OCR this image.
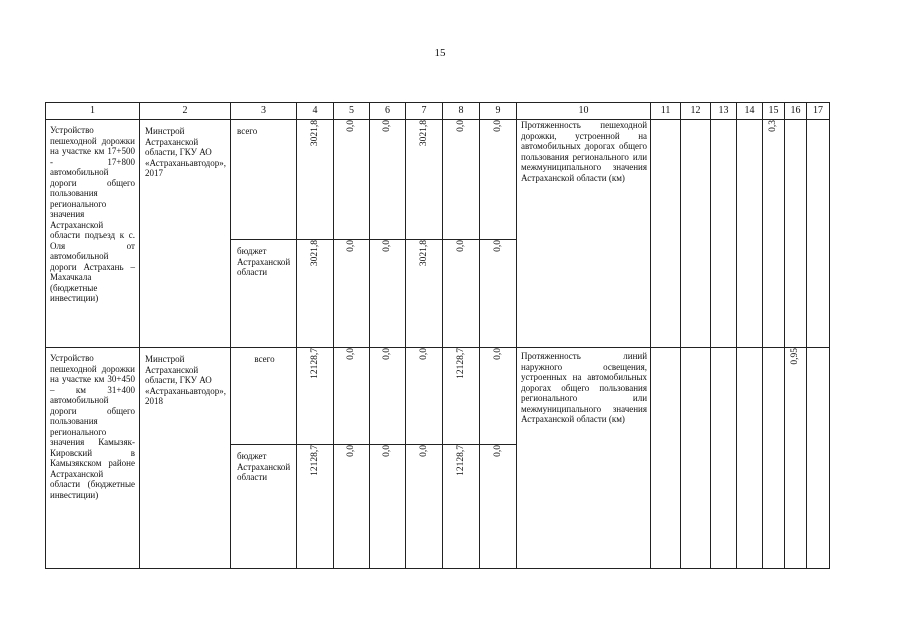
15
1	2	3	4	5	6	7	8	9	10	11	12	13	14	15	16	17

Устройство пешеходной дорожки на участке км 17+500 - 17+800 автомобильной дороги общего пользования регионального значения Астраханской области подъезд к с. Оля от автомобильной дороги Астрахань – Махачкала (бюджетные инвестиции)	Минстрой Астраханской области, ГКУ АО «Астраханьавтодор», 2017	всего	3021,8	0,0	0,0	3021,8	0,0	0,0	Протяженность пешеходной дорожки, устроенной на автомобильных дорогах общего пользования регионального или межмуниципального значения Астраханской области (км)					0,3		

		бюджет Астраханской области	3021,8	0,0	0,0	3021,8	0,0	0,0								

Устройство пешеходной дорожки на участке км 30+450 – км 31+400 автомобильной дороги общего пользования регионального значения Камызяк-Кировский в Камызякском районе Астраханской области (бюджетные инвестиции)	Минстрой Астраханской области, ГКУ АО «Астраханьавтодор», 2018	всего	12128,7	0,0	0,0	0,0	12128,7	0,0	Протяженность линий наружного освещения, устроенных на автомобильных дорогах общего пользования регионального или межмуниципального значения Астраханской области (км)						0,95	

		бюджет Астраханской области	12128,7	0,0	0,0	0,0	12128,7	0,0								
